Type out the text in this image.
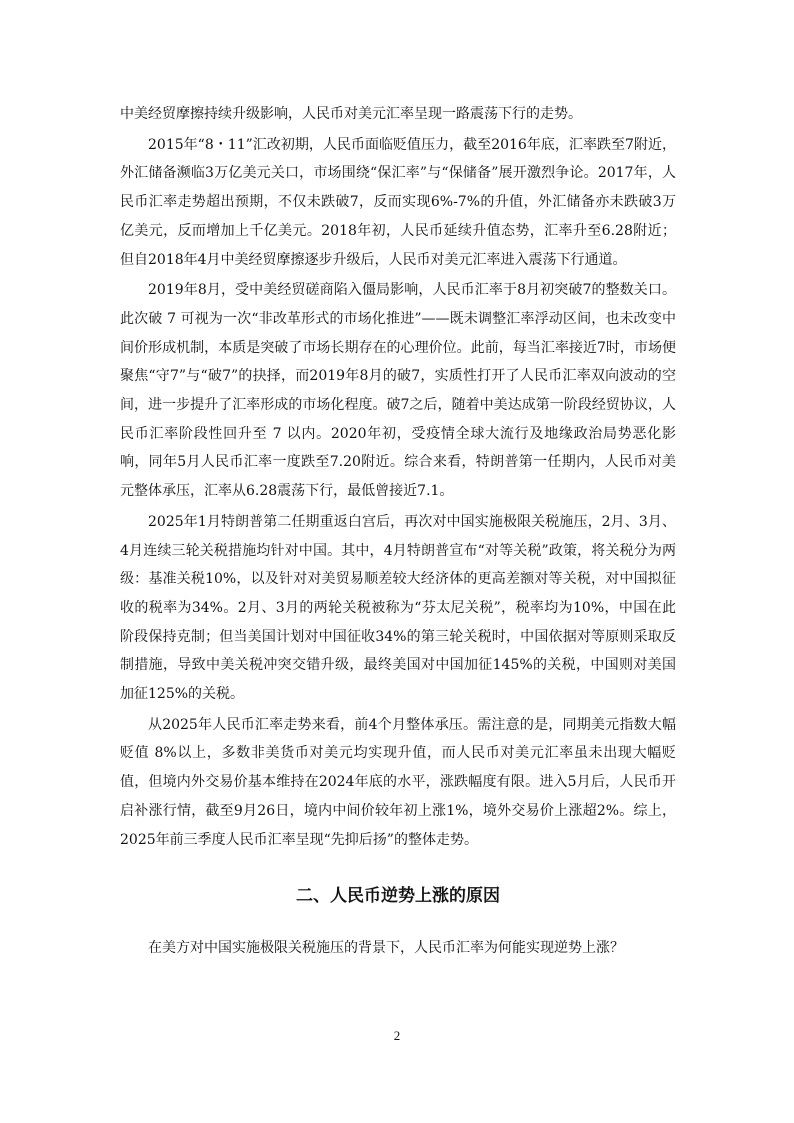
中美经贸摩擦持续升级影响，人民币对美元汇率呈现一路震荡下行的走势。

2015年“8・11”汇改初期，人民币面临贬值压力，截至2016年底，汇率跌至7附近，外汇储备濒临3万亿美元关口，市场围绕“保汇率”与“保储备”展开激烈争论。2017年，人民币汇率走势超出预期，不仅未跌破7，反而实现6%-7%的升值，外汇储备亦未跌破3万亿美元，反而增加上千亿美元。2018年初，人民币延续升值态势，汇率升至6.28附近；但自2018年4月中美经贸摩擦逐步升级后，人民币对美元汇率进入震荡下行通道。

2019年8月，受中美经贸磋商陷入僵局影响，人民币汇率于8月初突破7的整数关口。此次破 7 可视为一次“非改革形式的市场化推进”——既未调整汇率浮动区间，也未改变中间价形成机制，本质是突破了市场长期存在的心理价位。此前，每当汇率接近7时，市场便聚焦“守7”与“破7”的抉择，而2019年8月的破7，实质性打开了人民币汇率双向波动的空间，进一步提升了汇率形成的市场化程度。破7之后，随着中美达成第一阶段经贸协议，人民币汇率阶段性回升至 7 以内。2020年初，受疫情全球大流行及地缘政治局势恶化影响，同年5月人民币汇率一度跌至7.20附近。综合来看，特朗普第一任期内，人民币对美元整体承压，汇率从6.28震荡下行，最低曾接近7.1。

2025年1月特朗普第二任期重返白宫后，再次对中国实施极限关税施压，2月、3月、4月连续三轮关税措施均针对中国。其中，4月特朗普宣布“对等关税”政策，将关税分为两级：基准关税10%，以及针对对美贸易顺差较大经济体的更高差额对等关税，对中国拟征收的税率为34%。2月、3月的两轮关税被称为“芬太尼关税”，税率均为10%，中国在此阶段保持克制；但当美国计划对中国征收34%的第三轮关税时，中国依据对等原则采取反制措施，导致中美关税冲突交错升级，最终美国对中国加征145%的关税，中国则对美国加征125%的关税。

从2025年人民币汇率走势来看，前4个月整体承压。需注意的是，同期美元指数大幅贬值 8%以上，多数非美货币对美元均实现升值，而人民币对美元汇率虽未出现大幅贬值，但境内外交易价基本维持在2024年底的水平，涨跌幅度有限。进入5月后，人民币开启补涨行情，截至9月26日，境内中间价较年初上涨1%，境外交易价上涨超2%。综上，2025年前三季度人民币汇率呈现“先抑后扬”的整体走势。

二、人民币逆势上涨的原因

在美方对中国实施极限关税施压的背景下，人民币汇率为何能实现逆势上涨？

2
